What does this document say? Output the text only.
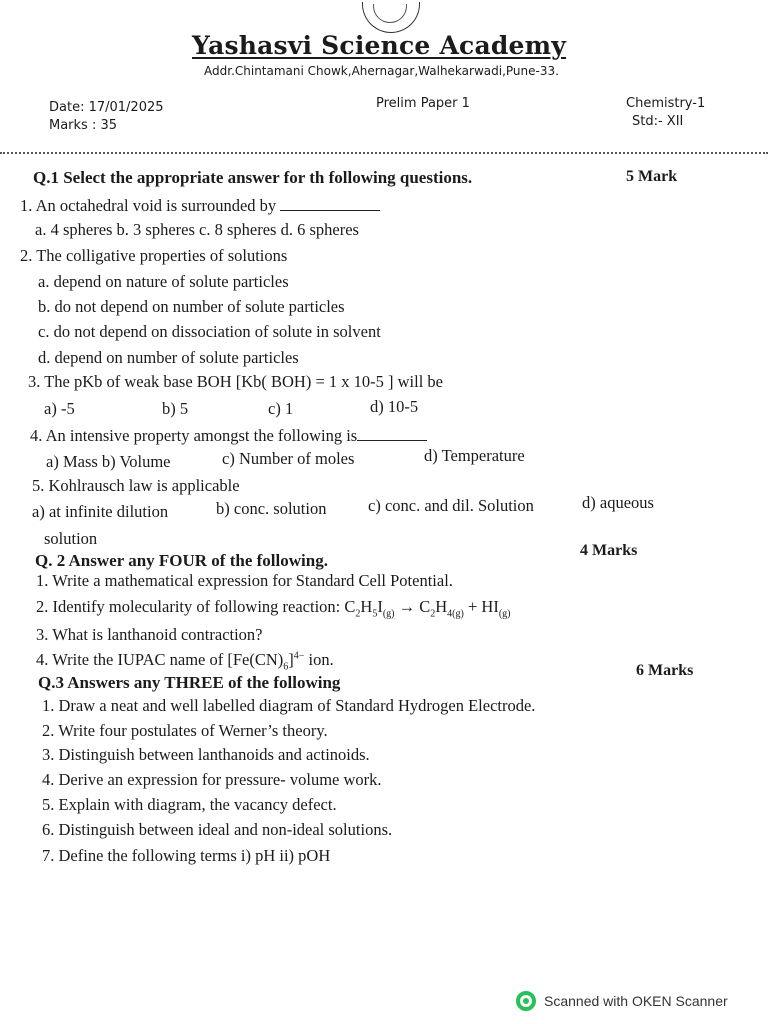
Yashasvi Science Academy
Addr.Chintamani Chowk,Ahernagar,Walhekarwadi,Pune-33.
Date: 17/01/2025
Marks : 35
Prelim Paper 1	Chemistry-1
Std:- XII
Q.1 Select the appropriate answer for th following questions.	5 Mark
1. An octahedral void is surrounded by
a. 4 spheres b. 3 spheres c. 8 spheres d. 6 spheres
2. The colligative properties of solutions
a. depend on nature of solute particles
b. do not depend on number of solute particles
c. do not depend on dissociation of solute in solvent
d. depend on number of solute particles
3. The pKb of weak base BOH [Kb( BOH) = 1 x 10-5 ] will be
a) -5	b) 5	c) 1	d) 10-5
4. An intensive property amongst the following is
a) Mass b) Volume	c) Number of moles	d) Temperature
5. Kohlrausch law is applicable
a) at infinite dilution	b) conc. solution	c) conc. and dil. Solution	d) aqueous
solution
Q. 2 Answer any FOUR of the following.
4 Marks
1. Write a mathematical expression for Standard Cell Potential.
2. Identify molecularity of following reaction: $C_2H_5I_{(g)} \to C_2H_{4(g)} + HI_{(g)}$
3. What is lanthanoid contraction?
4. Write the IUPAC name of $[Fe(CN)_6]^{4-}$ ion.
Q.3 Answers any THREE of the following
6 Marks
1. Draw a neat and well labelled diagram of Standard Hydrogen Electrode.
2. Write four postulates of Werner’s theory.
3. Distinguish between lanthanoids and actinoids.
4. Derive an expression for pressure- volume work.
5. Explain with diagram, the vacancy defect.
6. Distinguish between ideal and non-ideal solutions.
7. Define the following terms i) pH ii) pOH
Scanned with OKEN Scanner
